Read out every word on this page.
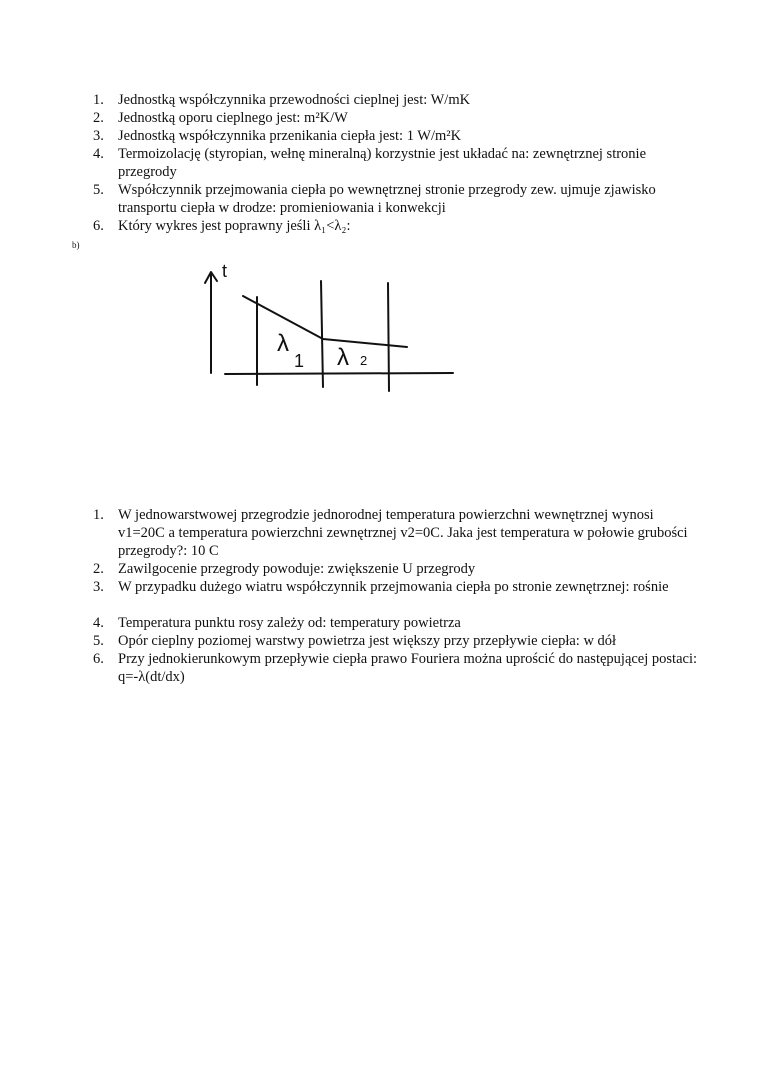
1. Jednostką współczynnika przewodności cieplnej jest: W/mK
2. Jednostką oporu cieplnego jest: m²K/W
3. Jednostką współczynnika przenikania ciepła jest: 1 W/m²K
4. Termoizolację (styropian, wełnę mineralną) korzystnie jest układać na: zewnętrznej stronie przegrody
5. Współczynnik przejmowania ciepła po wewnętrznej stronie przegrody zew. ujmuje zjawisko transportu ciepła w drodze: promieniowania i konwekcji
6. Który wykres jest poprawny jeśli λ₁<λ₂:
b)
t
λ
1 λ 2
1. W jednowarstwowej przegrodzie jednorodnej temperatura powierzchni wewnętrznej wynosi v1=20C a temperatura powierzchni zewnętrznej v2=0C. Jaka jest temperatura w połowie grubości przegrody?: 10 C
2. Zawilgocenie przegrody powoduje: zwiększenie U przegrody
3. W przypadku dużego wiatru współczynnik przejmowania ciepła po stronie zewnętrznej: rośnie
4. Temperatura punktu rosy zależy od: temperatury powietrza
5. Opór cieplny poziomej warstwy powietrza jest większy przy przepływie ciepła: w dół
6. Przy jednokierunkowym przepływie ciepła prawo Fouriera można uprościć do następującej postaci: q=-λ(dt/dx)
